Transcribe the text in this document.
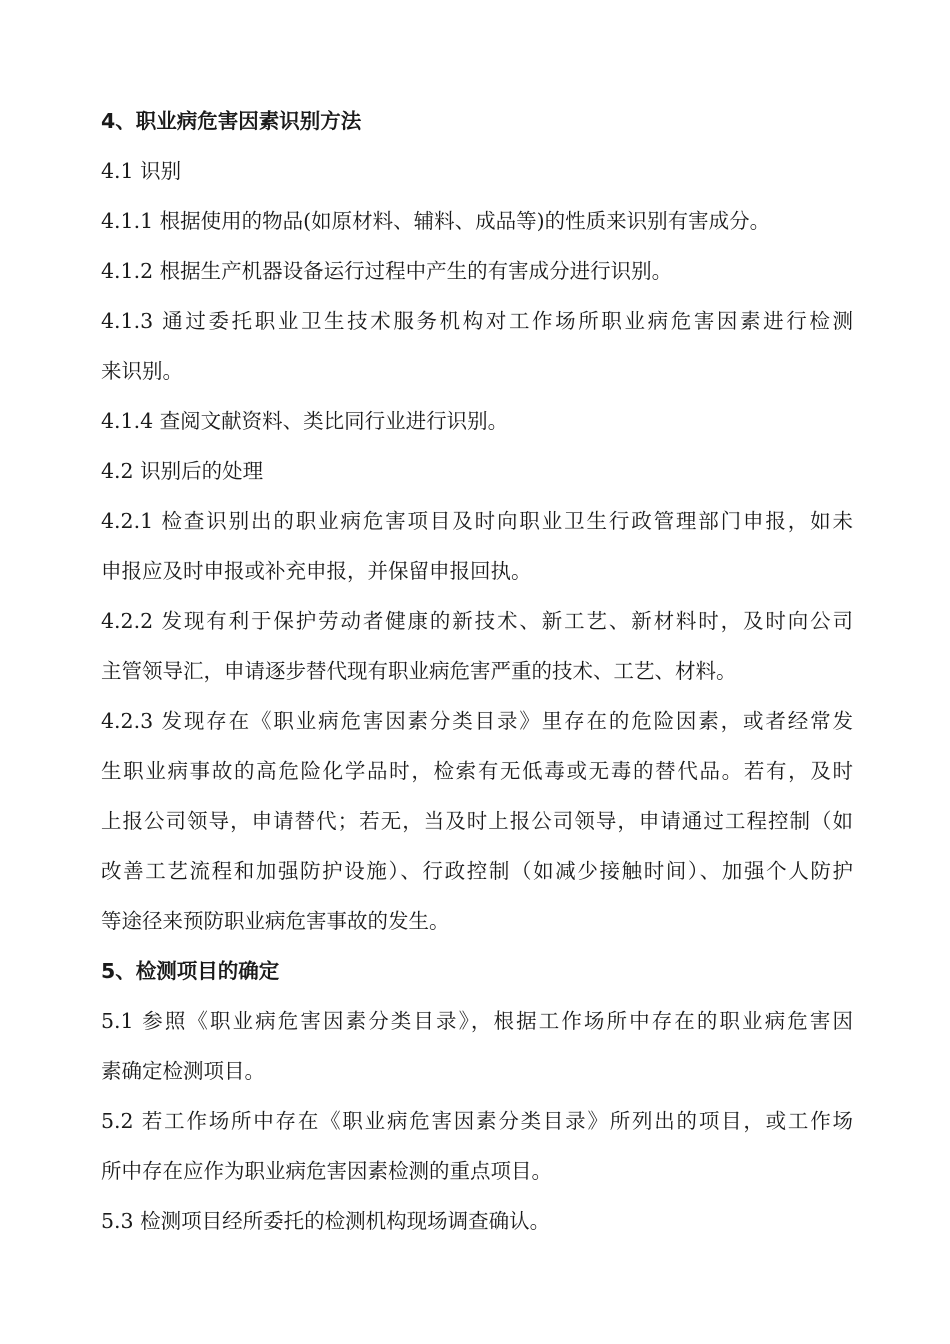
4、职业病危害因素识别方法

4.1 识别

4.1.1 根据使用的物品(如原材料、辅料、成品等)的性质来识别有害成分。

4.1.2 根据生产机器设备运行过程中产生的有害成分进行识别。

4.1.3 通过委托职业卫生技术服务机构对工作场所职业病危害因素进行检测

来识别。

4.1.4 查阅文献资料、类比同行业进行识别。

4.2 识别后的处理

4.2.1 检查识别出的职业病危害项目及时向职业卫生行政管理部门申报，如未

申报应及时申报或补充申报，并保留申报回执。

4.2.2 发现有利于保护劳动者健康的新技术、新工艺、新材料时，及时向公司

主管领导汇，申请逐步替代现有职业病危害严重的技术、工艺、材料。

4.2.3 发现存在《职业病危害因素分类目录》里存在的危险因素，或者经常发

生职业病事故的高危险化学品时，检索有无低毒或无毒的替代品。若有，及时

上报公司领导，申请替代；若无，当及时上报公司领导，申请通过工程控制（如

改善工艺流程和加强防护设施）、行政控制（如减少接触时间）、加强个人防护

等途径来预防职业病危害事故的发生。

5、检测项目的确定

5.1 参照《职业病危害因素分类目录》，根据工作场所中存在的职业病危害因

素确定检测项目。

5.2 若工作场所中存在《职业病危害因素分类目录》所列出的项目，或工作场

所中存在应作为职业病危害因素检测的重点项目。

5.3 检测项目经所委托的检测机构现场调查确认。
